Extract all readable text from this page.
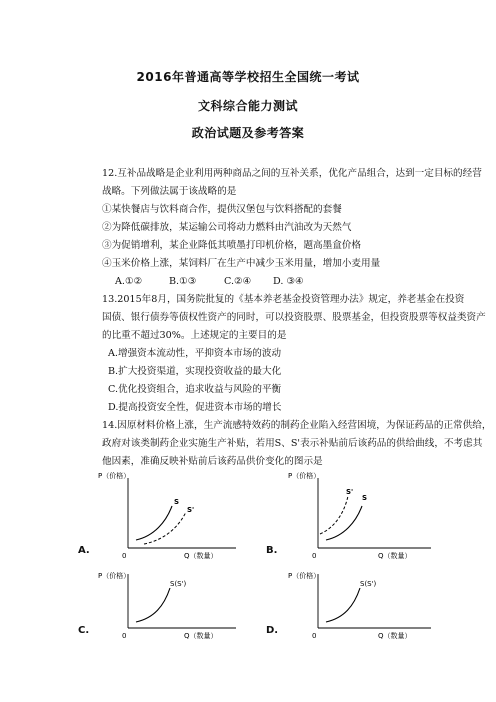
2016年普通高等学校招生全国统一考试
文科综合能力测试
政治试题及参考答案
12.互补品战略是企业利用两种商品之间的互补关系，优化产品组合，达到一定目标的经营
战略。下列做法属于该战略的是
①某快餐店与饮料商合作，提供汉堡包与饮料搭配的套餐
②为降低碳排放，某运输公司将动力燃料由汽油改为天然气
③为促销增利，某企业降低其喷墨打印机价格，题高墨盒价格
④玉米价格上涨，某饲料厂在生产中减少玉米用量，增加小麦用量
A.①②	B.①③	C.②④ D. ③④
13.2015年8月，国务院批复的《基本养老基金投资管理办法》规定，养老基金在投资
国债、银行债券等债权性资产的同时，可以投资股票、股票基金，但投资股票等权益类资产
的比重不超过30%。上述规定的主要目的是
A.增强资本流动性，平抑资本市场的波动
B.扩大投资渠道，实现投资收益的最大化
C.优化投资组合，追求收益与风险的平衡
D.提高投资安全性，促进资本市场的增长
14.因原材料价格上涨，生产流感特效药的制药企业陷入经营困境，为保证药品的正常供给，
政府对该类制药企业实施生产补贴，若用S、S'表示补贴前后该药品的供给曲线，不考虑其
他因素，准确反映补贴前后该药品供价变化的图示是
A.
P（价格）
Q（数量）
0
S
S'
B.
P（价格）
Q（数量）
0
S'
S
C.
P（价格）
Q（数量）
0
S(S')
D.
P（价格）
Q（数量）
0
S(S')
